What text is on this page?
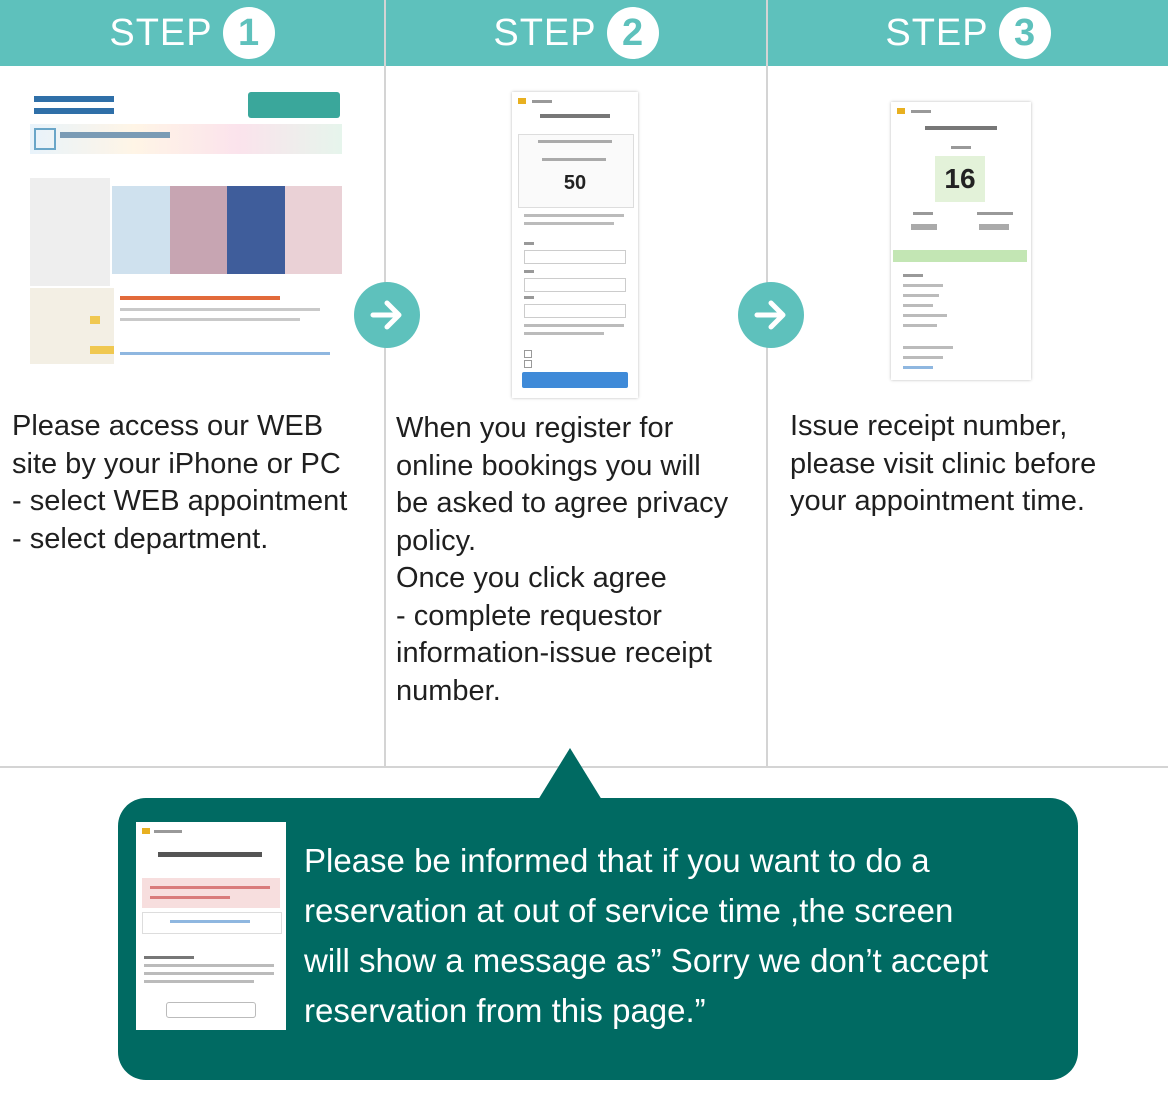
STEP 1
Please access our WEB
site by your iPhone or PC
- select WEB appointment
- select department.
STEP 2
50
When you register for
online bookings you will
be asked to agree privacy
policy.
Once you click agree
- complete requestor
information-issue receipt
number.
STEP 3
16
Issue receipt number,
please visit clinic before
your appointment time.
Please be informed that if you want to do a
reservation at out of service time ,the screen
will show a message as” Sorry we don’t accept
reservation from this page.”
